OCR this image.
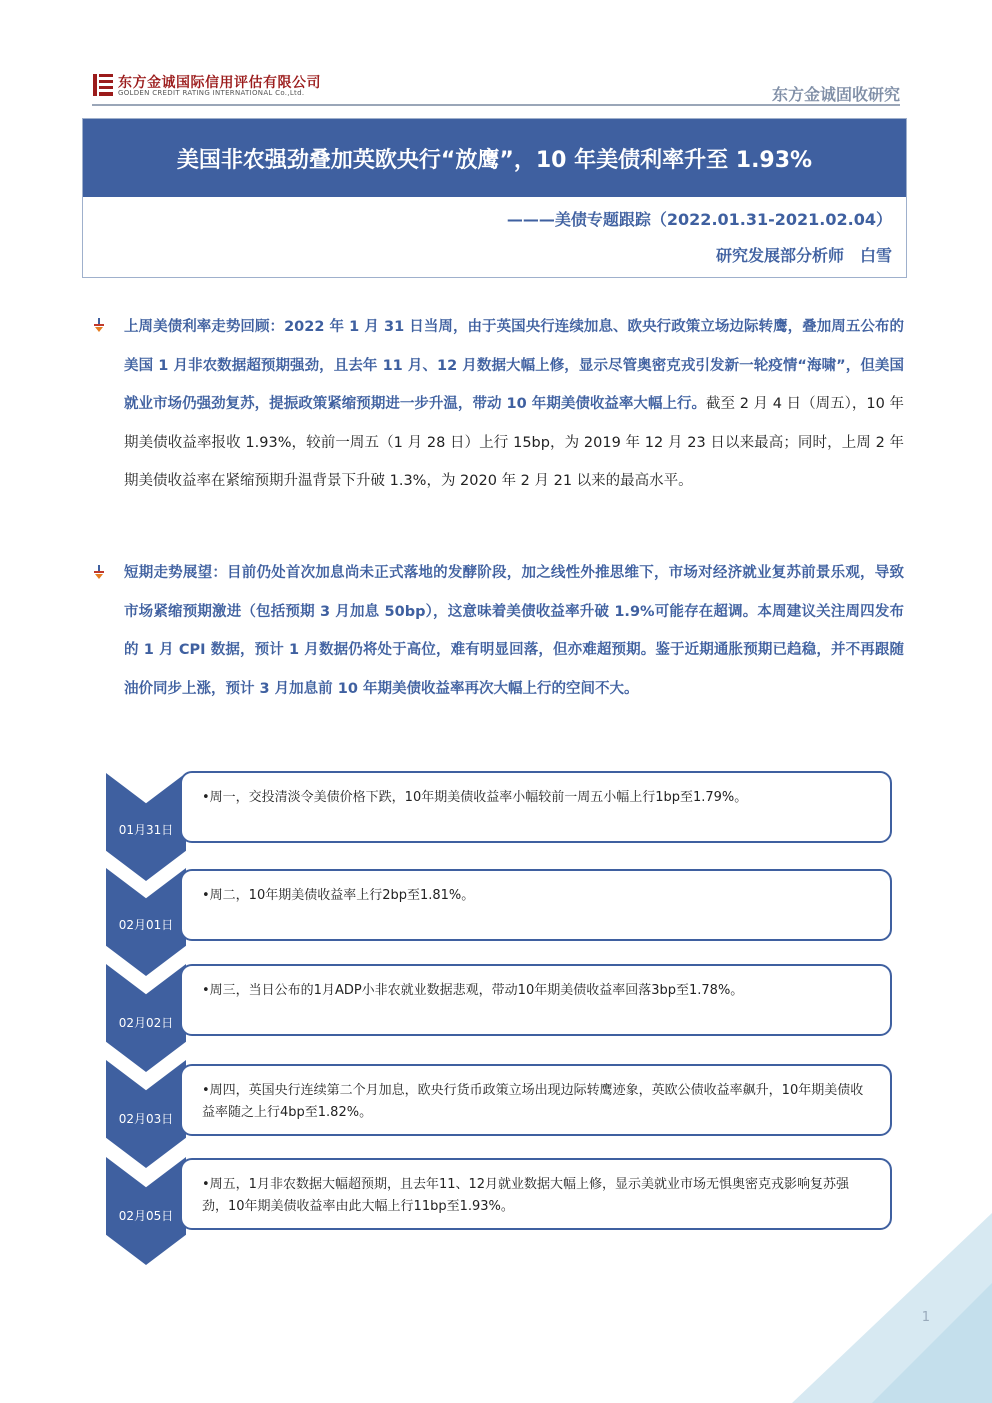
东方金诚国际信用评估有限公司
GOLDEN CREDIT RATING INTERNATIONAL Co.,Ltd.	东方金诚固收研究
美国非农强劲叠加英欧央行“放鹰”，10 年美债利率升至 1.93%
———美债专题跟踪（2022.01.31-2021.02.04）
研究发展部分析师　白雪
上周美债利率走势回顾：2022 年 1 月 31 日当周，由于英国央行连续加息、欧央行政策立场边际转鹰，叠加周五公布的美国 1 月非农数据超预期强劲，且去年 11 月、12 月数据大幅上修，显示尽管奥密克戎引发新一轮疫情“海啸”，但美国就业市场仍强劲复苏，提振政策紧缩预期进一步升温，带动 10 年期美债收益率大幅上行。截至 2 月 4 日（周五），10 年期美债收益率报收 1.93%，较前一周五（1 月 28 日）上行 15bp，为 2019 年 12 月 23 日以来最高；同时，上周 2 年期美债收益率在紧缩预期升温背景下升破 1.3%，为 2020 年 2 月 21 以来的最高水平。
短期走势展望：目前仍处首次加息尚未正式落地的发酵阶段，加之线性外推思维下，市场对经济就业复苏前景乐观，导致市场紧缩预期激进（包括预期 3 月加息 50bp），这意味着美债收益率升破 1.9%可能存在超调。本周建议关注周四发布的 1 月 CPI 数据，预计 1 月数据仍将处于高位，难有明显回落，但亦难超预期。鉴于近期通胀预期已趋稳，并不再跟随油价同步上涨，预计 3 月加息前 10 年期美债收益率再次大幅上行的空间不大。
01月31日
•周一，交投清淡令美债价格下跌，10年期美债收益率小幅较前一周五小幅上行1bp至1.79%。
02月01日
•周二，10年期美债收益率上行2bp至1.81%。
02月02日
•周三，当日公布的1月ADP小非农就业数据悲观，带动10年期美债收益率回落3bp至1.78%。
02月03日
•周四，英国央行连续第二个月加息，欧央行货币政策立场出现边际转鹰迹象，英欧公债收益率飙升，10年期美债收益率随之上行4bp至1.82%。
02月05日
•周五，1月非农数据大幅超预期，且去年11、12月就业数据大幅上修，显示美就业市场无惧奥密克戎影响复苏强劲，10年期美债收益率由此大幅上行11bp至1.93%。
1
